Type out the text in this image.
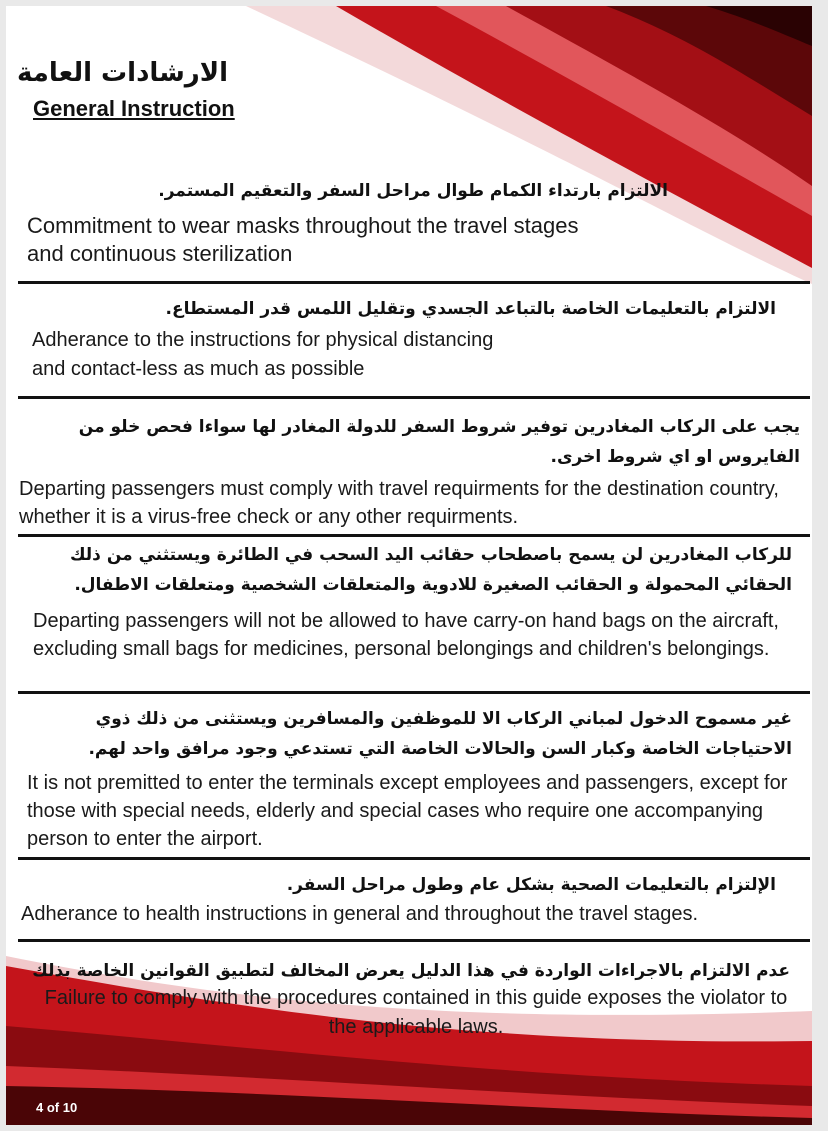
الارشادات العامة
General Instruction
الالتزام بارتداء الكمام طوال مراحل السفر والتعقيم المستمر.
Commitment to wear masks throughout the travel stages and continuous sterilization
الالتزام بالتعليمات الخاصة بالتباعد الجسدي وتقليل اللمس قدر المستطاع.
Adherance to the instructions for physical distancing and contact-less as much as possible
يجب على الركاب المغادرين توفير شروط السفر للدولة المغادر لها سواءا فحص خلو من الفايروس او اي شروط اخرى.
Departing passengers must comply with travel requirments for the destination country, whether it is a virus-free check or any other requirments.
للركاب المغادرين لن يسمح باصطحاب حقائب اليد السحب في الطائرة ويستثني من ذلك الحقائي المحمولة و الحقائب الصغيرة للادوية والمتعلقات الشخصية ومتعلقات الاطفال.
Departing passengers will not be allowed to have carry-on hand bags on the aircraft, excluding small bags for medicines, personal belongings and children's belongings.
غير مسموح الدخول لمباني الركاب الا للموظفين والمسافرين ويستثنى من ذلك ذوي الاحتياجات الخاصة وكبار السن والحالات الخاصة التي تستدعي وجود مرافق واحد لهم.
It is not premitted to enter the terminals except employees and passengers, except for those with special needs, elderly and special cases who require one accompanying person to enter the airport.
الإلتزام بالتعليمات الصحية بشكل عام وطول مراحل السفر.
Adherance to health instructions in general and throughout the travel stages.
عدم الالتزام بالاجراءات الواردة في هذا الدليل يعرض المخالف لتطبيق القوانين الخاصة بذلك
Failure to comply with the procedures contained in this guide exposes the violator to the applicable laws.
4 of 10
